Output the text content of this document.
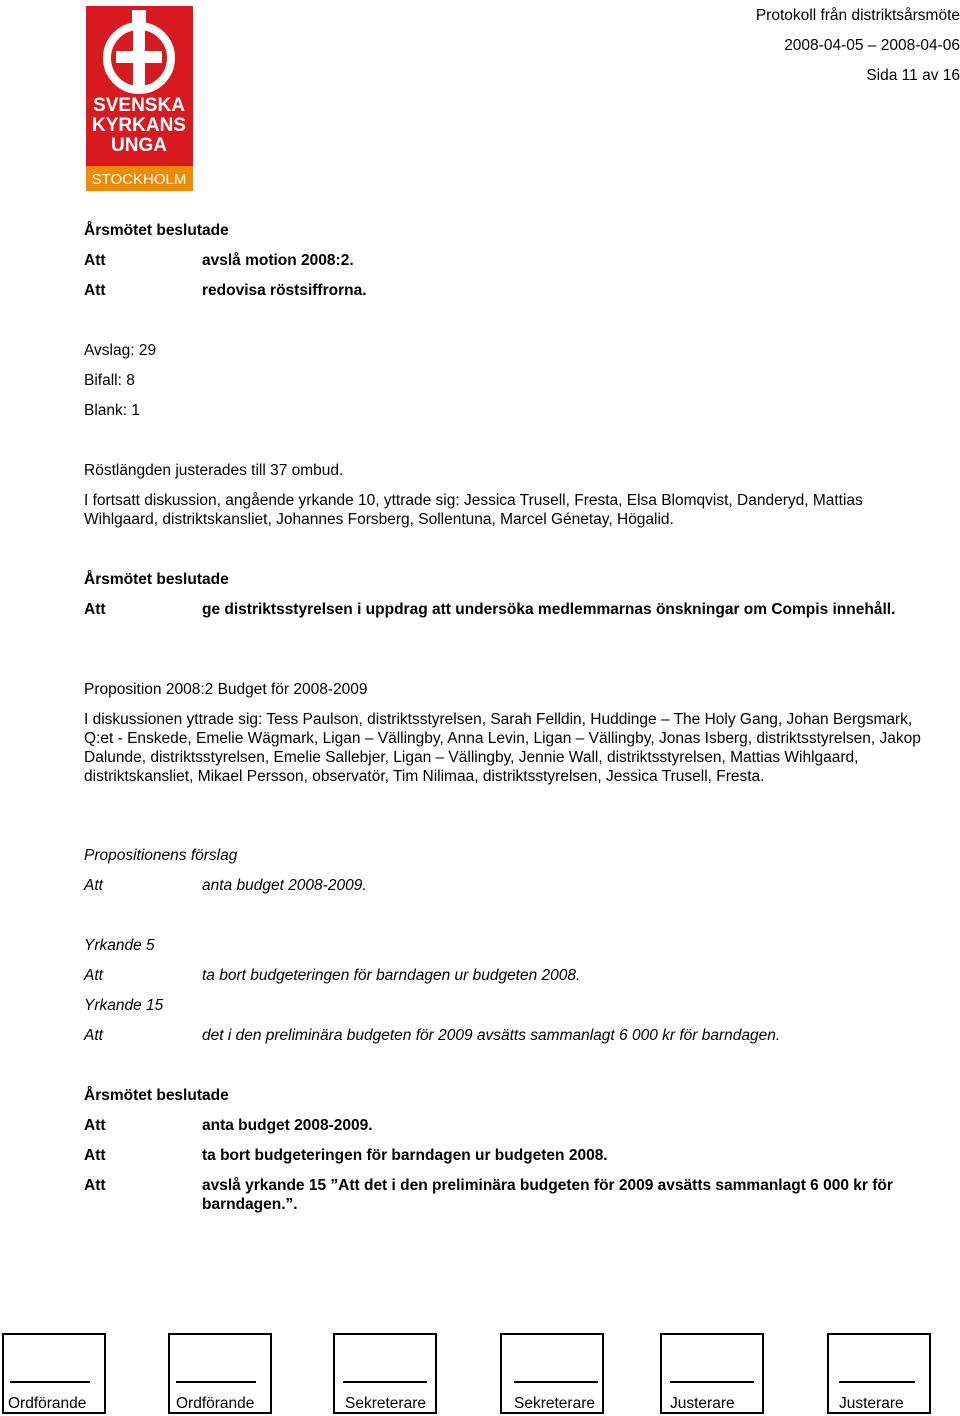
SVENSKA
KYRKANS
UNGA
STOCKHOLM
Protokoll från distriktsårsmöte
2008-04-05 – 2008-04-06
Sida 11 av 16
Årsmötet beslutade
Att	avslå motion 2008:2.
Att	redovisa röstsiffrorna.
Avslag: 29
Bifall: 8
Blank: 1
Röstlängden justerades till 37 ombud.
I fortsatt diskussion, angående yrkande 10, yttrade sig: Jessica Trusell, Fresta, Elsa Blomqvist, Danderyd, Mattias Wihlgaard, distriktskansliet, Johannes Forsberg, Sollentuna, Marcel Génetay, Högalid.
Årsmötet beslutade
Att	ge distriktsstyrelsen i uppdrag att undersöka medlemmarnas önskningar om Compis innehåll.
Proposition 2008:2 Budget för 2008-2009
I diskussionen yttrade sig: Tess Paulson, distriktsstyrelsen, Sarah Felldin, Huddinge – The Holy Gang, Johan Bergsmark, Q:et - Enskede, Emelie Wägmark, Ligan – Vällingby, Anna Levin, Ligan – Vällingby, Jonas Isberg, distriktsstyrelsen, Jakop Dalunde, distriktsstyrelsen, Emelie Sallebjer, Ligan – Vällingby, Jennie Wall, distriktsstyrelsen, Mattias Wihlgaard, distriktskansliet, Mikael Persson, observatör, Tim Nilimaa, distriktsstyrelsen, Jessica Trusell, Fresta.
Propositionens förslag
Att	anta budget 2008-2009.
Yrkande 5
Att	ta bort budgeteringen för barndagen ur budgeten 2008.
Yrkande 15
Att	det i den preliminära budgeten för 2009 avsätts sammanlagt 6 000 kr för barndagen.
Årsmötet beslutade
Att	anta budget 2008-2009.
Att	ta bort budgeteringen för barndagen ur budgeten 2008.
Att	avslå yrkande 15 ”Att det i den preliminära budgeten för 2009 avsätts sammanlagt 6 000 kr för barndagen.”.
Ordförande	Ordförande	Sekreterare	Sekreterare	Justerare	Justerare
